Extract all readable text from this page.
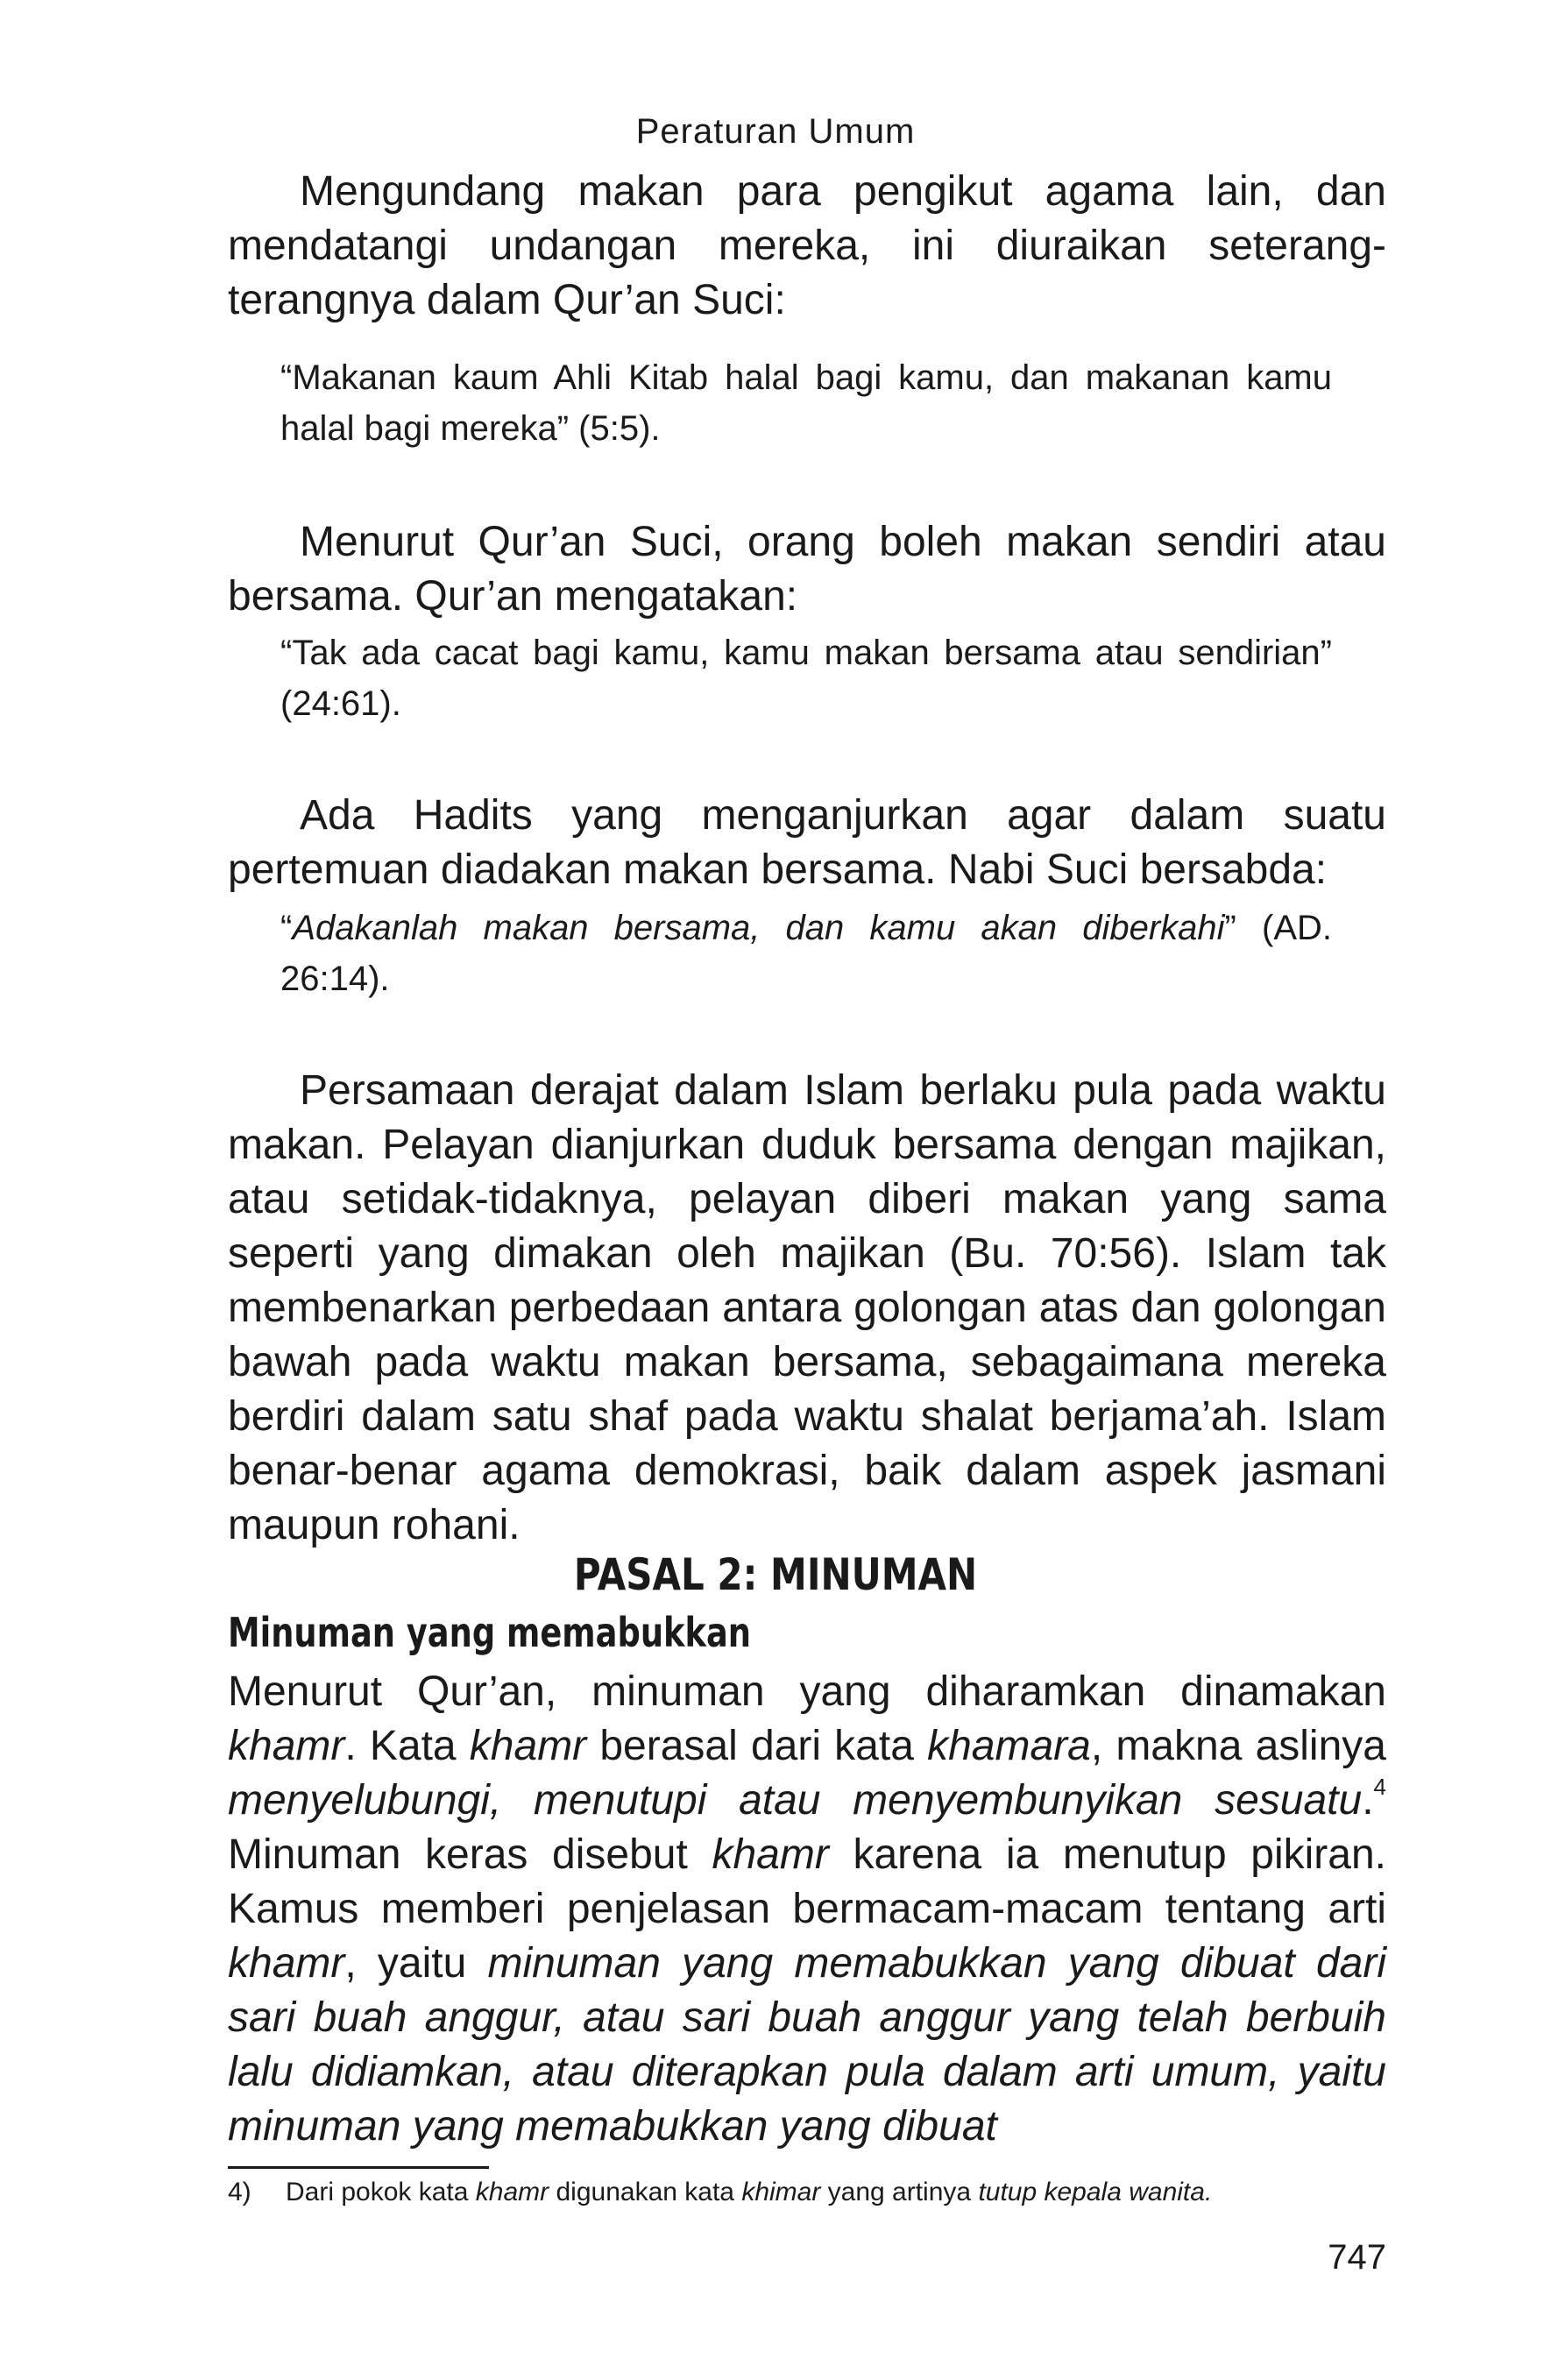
Peraturan Umum

Mengundang makan para pengikut agama lain, dan mendatangi undangan mereka, ini diuraikan seterang-terangnya dalam Qur’an Suci:

“Makanan kaum Ahli Kitab halal bagi kamu, dan makanan kamu halal bagi mereka” (5:5).

Menurut Qur’an Suci, orang boleh makan sendiri atau bersama. Qur’an mengatakan:

“Tak ada cacat bagi kamu, kamu makan bersama atau sendirian” (24:61).

Ada Hadits yang menganjurkan agar dalam suatu pertemuan diadakan makan bersama. Nabi Suci bersabda:

“Adakanlah makan bersama, dan kamu akan diberkahi” (AD. 26:14).

Persamaan derajat dalam Islam berlaku pula pada waktu makan. Pelayan dianjurkan duduk bersama dengan majikan, atau setidak-tidaknya, pelayan diberi makan yang sama seperti yang dimakan oleh majikan (Bu. 70:56). Islam tak membenarkan perbedaan antara golongan atas dan golongan bawah pada waktu makan bersama, sebagaimana mereka berdiri dalam satu shaf pada waktu shalat berjama’ah. Islam benar-benar agama demokrasi, baik dalam aspek jasmani maupun rohani.

PASAL 2: MINUMAN
Minuman yang memabukkan

Menurut Qur’an, minuman yang diharamkan dinamakan khamr. Kata khamr berasal dari kata khamara, makna aslinya menyelubungi, menutupi atau menyembunyikan sesuatu.$^4$ Minuman keras disebut khamr karena ia menutup pikiran. Kamus memberi penjelasan bermacam-macam tentang arti khamr, yaitu minuman yang memabukkan yang dibuat dari sari buah anggur, atau sari buah anggur yang telah berbuih lalu didiamkan, atau diterapkan pula dalam arti umum, yaitu minuman yang memabukkan yang dibuat

4) Dari pokok kata khamr digunakan kata khimar yang artinya tutup kepala wanita.
747
